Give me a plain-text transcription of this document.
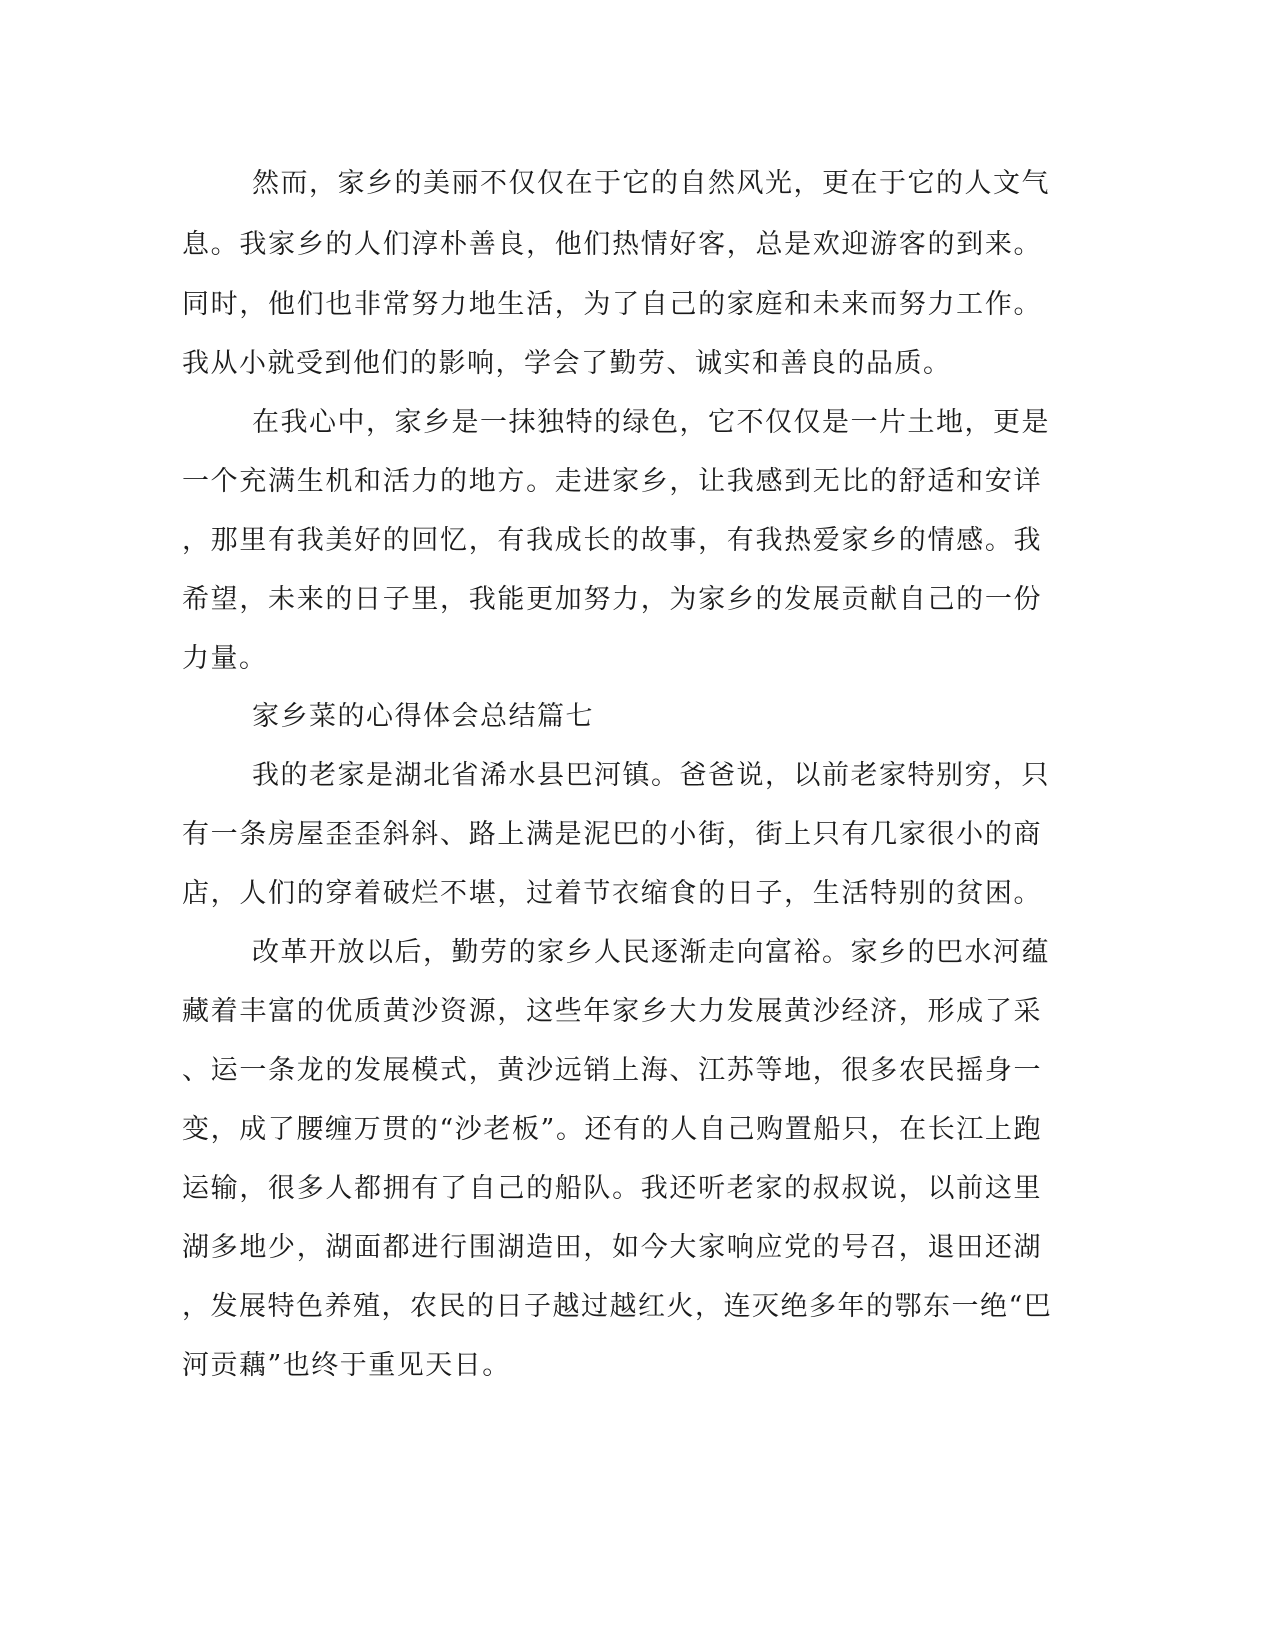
然而，家乡的美丽不仅仅在于它的自然风光，更在于它的人文气
息。我家乡的人们淳朴善良，他们热情好客，总是欢迎游客的到来。
同时，他们也非常努力地生活，为了自己的家庭和未来而努力工作。
我从小就受到他们的影响，学会了勤劳、诚实和善良的品质。
在我心中，家乡是一抹独特的绿色，它不仅仅是一片土地，更是
一个充满生机和活力的地方。走进家乡，让我感到无比的舒适和安详
，那里有我美好的回忆，有我成长的故事，有我热爱家乡的情感。我
希望，未来的日子里，我能更加努力，为家乡的发展贡献自己的一份
力量。
家乡菜的心得体会总结篇七
我的老家是湖北省浠水县巴河镇。爸爸说，以前老家特别穷，只
有一条房屋歪歪斜斜、路上满是泥巴的小街，街上只有几家很小的商
店，人们的穿着破烂不堪，过着节衣缩食的日子，生活特别的贫困。
改革开放以后，勤劳的家乡人民逐渐走向富裕。家乡的巴水河蕴
藏着丰富的优质黄沙资源，这些年家乡大力发展黄沙经济，形成了采
、运一条龙的发展模式，黄沙远销上海、江苏等地，很多农民摇身一
变，成了腰缠万贯的“沙老板”。还有的人自己购置船只，在长江上跑
运输，很多人都拥有了自己的船队。我还听老家的叔叔说，以前这里
湖多地少，湖面都进行围湖造田，如今大家响应党的号召，退田还湖
，发展特色养殖，农民的日子越过越红火，连灭绝多年的鄂东一绝“巴
河贡藕”也终于重见天日。
